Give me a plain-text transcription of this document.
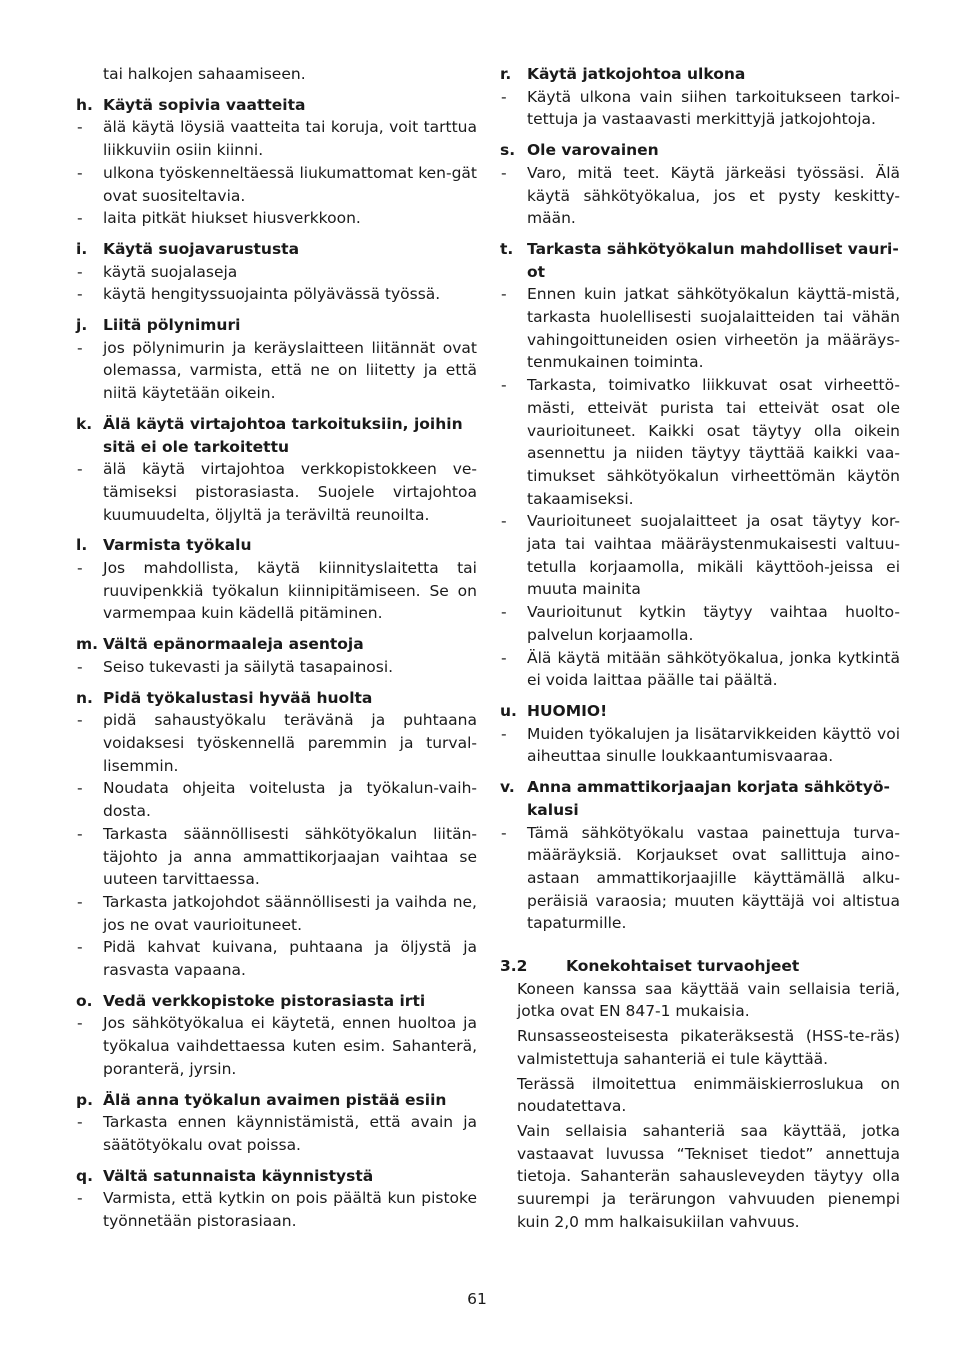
tai halkojen sahaamiseen.
h. Käytä sopivia vaatteita
-	älä käytä löysiä vaatteita tai koruja, voit tarttua liikkuviin osiin kiinni.
-	ulkona työskenneltäessä liukumattomat ken-gät ovat suositeltavia.
-	laita pitkät hiukset hiusverkkoon.
i.	Käytä suojavarustusta
-	käytä suojalaseja
-	käytä hengityssuojainta pölyävässä työssä.
j.	Liitä pölynimuri
-	jos pölynimurin ja keräyslaitteen liitännät ovat olemassa, varmista, että ne on liitetty ja että niitä käytetään oikein.
k. Älä käytä virtajohtoa tarkoituksiin, joihin sitä ei ole tarkoitettu
-	älä käytä virtajohtoa verkkopistokkeen ve-tämiseksi pistorasiasta. Suojele virtajohtoa kuumuudelta, öljyltä ja teräviltä reunoilta.
l.	Varmista työkalu
-	Jos mahdollista, käytä kiinnityslaitetta tai ruuvipenkkiä työkalun kiinnipitämiseen. Se on varmempaa kuin kädellä pitäminen.
m. Vältä epänormaaleja asentoja
-	Seiso tukevasti ja säilytä tasapainosi.
n. Pidä työkalustasi hyvää huolta
-	pidä sahaustyökalu terävänä ja puhtaana voidaksesi työskennellä paremmin ja turval-lisemmin.
-	Noudata ohjeita voitelusta ja työkalun-vaih-dosta.
-	Tarkasta säännöllisesti sähkötyökalun liitän-täjohto ja anna ammattikorjaajan vaihtaa se uuteen tarvittaessa.
-	Tarkasta jatkojohdot säännöllisesti ja vaihda ne, jos ne ovat vaurioituneet.
-	Pidä kahvat kuivana, puhtaana ja öljystä ja rasvasta vapaana.
o. Vedä verkkopistoke pistorasiasta irti
-	Jos sähkötyökalua ei käytetä, ennen huoltoa ja työkalua vaihdettaessa kuten esim. Sahanterä, poranterä, jyrsin.
p. Älä anna työkalun avaimen pistää esiin
-	Tarkasta ennen käynnistämistä, että avain ja säätötyökalu ovat poissa.
q. Vältä satunnaista käynnistystä
-	Varmista, että kytkin on pois päältä kun pistoke työnnetään pistorasiaan.
r.	Käytä jatkojohtoa ulkona
-	Käytä ulkona vain siihen tarkoitukseen tarkoi-tettuja ja vastaavasti merkittyjä jatkojohtoja.
s. Ole varovainen
-	Varo, mitä teet. Käytä järkeäsi työssäsi. Älä käytä sähkötyökalua, jos et pysty keskitty-mään.
t. Tarkasta sähkötyökalun mahdolliset vauri-ot
-	Ennen kuin jatkat sähkötyökalun käyttä-mistä, tarkasta huolellisesti suojalaitteiden tai vähän vahingoittuneiden osien virheetön ja määräys-tenmukainen toiminta.
-	Tarkasta, toimivatko liikkuvat osat virheettö-mästi, etteivät purista tai etteivät osat ole vaurioituneet. Kaikki osat täytyy olla oikein asennettu ja niiden täytyy täyttää kaikki vaa-timukset sähkötyökalun virheettömän käytön takaamiseksi.
-	Vaurioituneet suojalaitteet ja osat täytyy kor-jata tai vaihtaa määräystenmukaisesti valtuu-tetulla korjaamolla, mikäli käyttöoh-jeissa ei muuta mainita
-	Vaurioitunut kytkin täytyy vaihtaa huolto-palvelun korjaamolla.
-	Älä käytä mitään sähkötyökalua, jonka kytkintä ei voida laittaa päälle tai päältä.
u. HUOMIO!
-	Muiden työkalujen ja lisätarvikkeiden käyttö voi aiheuttaa sinulle loukkaantumisvaaraa.
v. Anna ammattikorjaajan korjata sähkötyö-kalusi
-	Tämä sähkötyökalu vastaa painettuja turva-määräyksiä. Korjaukset ovat sallittuja aino-astaan ammattikorjaajille käyttämällä alku-peräisiä varaosia; muuten käyttäjä voi altistua tapaturmille.
3.2	Konekohtaiset turvaohjeet
Koneen kanssa saa käyttää vain sellaisia teriä, jotka ovat EN 847-1 mukaisia.
Runsasseosteisesta pikateräksestä (HSS-te-räs) valmistettuja sahanteriä ei tule käyttää.
Terässä ilmoitettua enimmäiskierroslukua on noudatettava.
Vain sellaisia sahanteriä saa käyttää, jotka vastaavat luvussa “Tekniset tiedot” annettuja tietoja. Sahanterän sahausleveyden täytyy olla suurempi ja terärungon vahvuuden pienempi kuin 2,0 mm halkaisukiilan vahvuus.
61
